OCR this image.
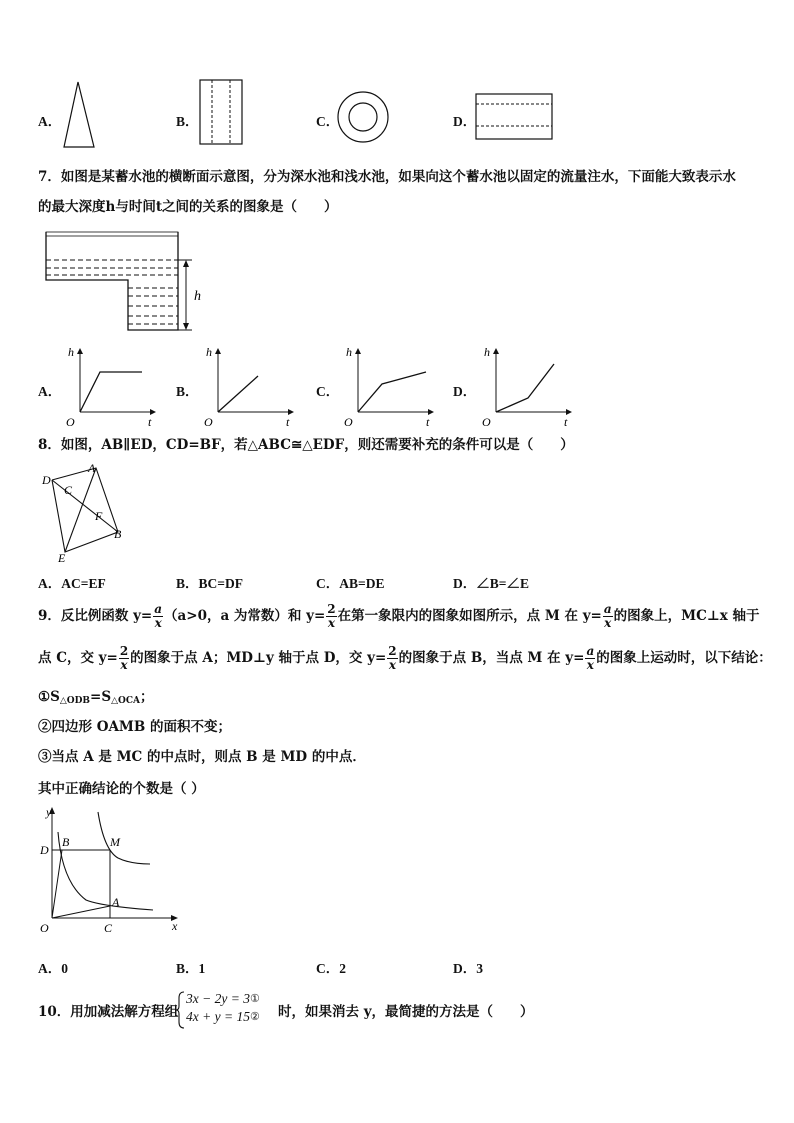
A．	B．	C．	D．
7．如图是某蓄水池的横断面示意图，分为深水池和浅水池，如果向这个蓄水池以固定的流量注水，下面能大致表示水
的最大深度h与时间t之间的关系的图象是（　　）
h
A．
h
t
O
B．
h
t
O
C．
h
t
O
D．
h
t
O
8．如图，AB∥ED，CD=BF，若△ABC≅△EDF，则还需要补充的条件可以是（　　）
D
A
C
F
B
E
A．AC=EF	B．BC=DF	C．AB=DE	D．∠B=∠E
9．反比例函数 $y= \frac{a}{x} (a>0$，a 为常数）和 $y= \frac{2}{x}$ 在第一象限内的图象如图所示，点 M 在 $y= \frac{a}{x}$ 的图象上，MC⊥x 轴于
点 C，交 $y= \frac{2}{x}$ 的图象于点 A；MD⊥y 轴于点 D，交 $y= \frac{2}{x}$ 的图象于点 B，当点 M 在 $y= \frac{a}{x}$ 的图象上运动时，以下结论：
$①S_{\triangle ODB}=S_{\triangle OCA}$；
②四边形 OAMB 的面积不变；
③当点 A 是 MC 的中点时，则点 B 是 MD 的中点．
其中正确结论的个数是（ ）
y
x
O
D
B	M
A
C
A．0	B．1	C．2	D．3
10．用加减法解方程组
3x − 2y = 3①
4x + y = 15② 时，如果消去 y，最简捷的方法是（　　）
